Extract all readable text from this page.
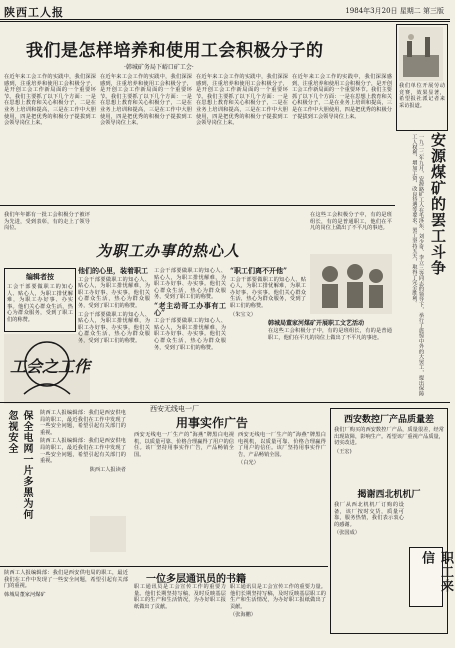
陕西工人报	1984年3月20日 星期二 第三版
我们单位开展劳动竞赛，效果显著，希望报社派记者来采访报道。
我们是怎样培养和使用工会积极分子的
·韩城矿务局下峪口矿工会·
在近年来工会工作的实践中，我们深深感到，注重培养和使用工会积极分子，是开创工会工作新局面的一个重要环节。我们主要抓了以下几个方面：一是在思想上教育和关心积极分子，二是在业务上培训和提高，三是在工作中大胆使用，四是把优秀的积极分子提拔到工会领导岗位上来。
在近年来工会工作的实践中，我们深深感到，注重培养和使用工会积极分子，是开创工会工作新局面的一个重要环节。我们主要抓了以下几个方面：一是在思想上教育和关心积极分子，二是在业务上培训和提高，三是在工作中大胆使用，四是把优秀的积极分子提拔到工会领导岗位上来。
在近年来工会工作的实践中，我们深深感到，注重培养和使用工会积极分子，是开创工会工作新局面的一个重要环节。我们主要抓了以下几个方面：一是在思想上教育和关心积极分子，二是在业务上培训和提高，三是在工作中大胆使用，四是把优秀的积极分子提拔到工会领导岗位上来。
在近年来工会工作的实践中，我们深深感到，注重培养和使用工会积极分子，是开创工会工作新局面的一个重要环节。我们主要抓了以下几个方面：一是在思想上教育和关心积极分子，二是在业务上培训和提高，三是在工作中大胆使用，四是把优秀的积极分子提拔到工会领导岗位上来。
我们年年都有一批工会积极分子被评为先进，受到表彰，有的走上了领导岗位。
为职工办事的热心人
编辑者按
工会干部要做职工的知心人、贴心人，为职工排忧解难，为职工办好事、办实事。他们关心群众生活，热心为群众服务，受到了职工们的称赞。
工会之工作

他们的心里，装着职工

工会干部要做职工的知心人、贴心人，为职工排忧解难，为职工办好事、办实事。他们关心群众生活，热心为群众服务，受到了职工们的称赞。

工会干部要做职工的知心人、贴心人，为职工排忧解难，为职工办好事、办实事。他们关心群众生活，热心为群众服务，受到了职工们的称赞。

工会干部要做职工的知心人、贴心人，为职工排忧解难，为职工办好事、办实事。他们关心群众生活，热心为群众服务，受到了职工们的称赞。

“老主动哥工办事有工 心”

工会干部要做职工的知心人、贴心人，为职工排忧解难，为职工办好事、办实事。他们关心群众生活，热心为群众服务，受到了职工们的称赞。

“职工们离不开他”

工会干部要做职工的知心人、贴心人，为职工排忧解难，为职工办好事、办实事。他们关心群众生活，热心为群众服务，受到了职工们的称赞。

（朱宝文）

在这些工会积极分子中，有的是班组长，有的是普通职工，他们在平凡的岗位上做出了不平凡的事迹。
韩城局董家河煤矿开展职工文艺活动
在这些工会积极分子中，有的是班组长，有的是普通职工，他们在平凡的岗位上做出了不平凡的事迹。
安源煤矿的罢工斗争
一九二二年九月，安源路矿工人在毛泽东、刘少奇、李立三等同志的领导下，举行了震惊中外的大罢工，提出保障工人权利、增加工资、改良待遇等要求。罢工坚持五天，取得了完全胜利。
保全电网一片多黑为何忽视安全	陕西工人报编辑部：我们是西安供电局的职工，最近我们在工作中发现了一些安全问题，希望引起有关部门的重视。

陕西工人报编辑部：我们是西安供电局的职工，最近我们在工作中发现了一些安全问题，希望引起有关部门的重视。

陕西工人报读者

西安无线电一厂
用事实作广告
西安无线电一厂生产的“海燕”牌黑白电视机，以质量可靠、价格合理赢得了用户的信任。该厂坚持用事实作广告，产品畅销全国。

西安无线电一厂生产的“海燕”牌黑白电视机，以质量可靠、价格合理赢得了用户的信任。该厂坚持用事实作广告，产品畅销全国。

（白光）

西安数控厂产品质量差

我们厂购买的西安数控厂产品，质量很差，经常出现故障，影响生产。希望该厂重视产品质量，切实改进。

（王宏)

揭谢西北机机厂

我厂从西北机机厂订购的设备，该厂按时交货，质量可靠，服务热情，我们表示衷心的感谢。

（张国成）

职工来信

陕西工人报编辑部：我们是西安供电局的职工，最近我们在工作中发现了一些安全问题，希望引起有关部门的重视。

韩城局董家河煤矿

一位多层通讯员的书籍
职工通讯员是工会宣传工作的重要力量。他们长期坚持写稿，及时反映基层职工的生产和生活情况，为办好职工报纸做出了贡献。

职工通讯员是工会宣传工作的重要力量。他们长期坚持写稿，及时反映基层职工的生产和生活情况，为办好职工报纸做出了贡献。

（张海鹏）
